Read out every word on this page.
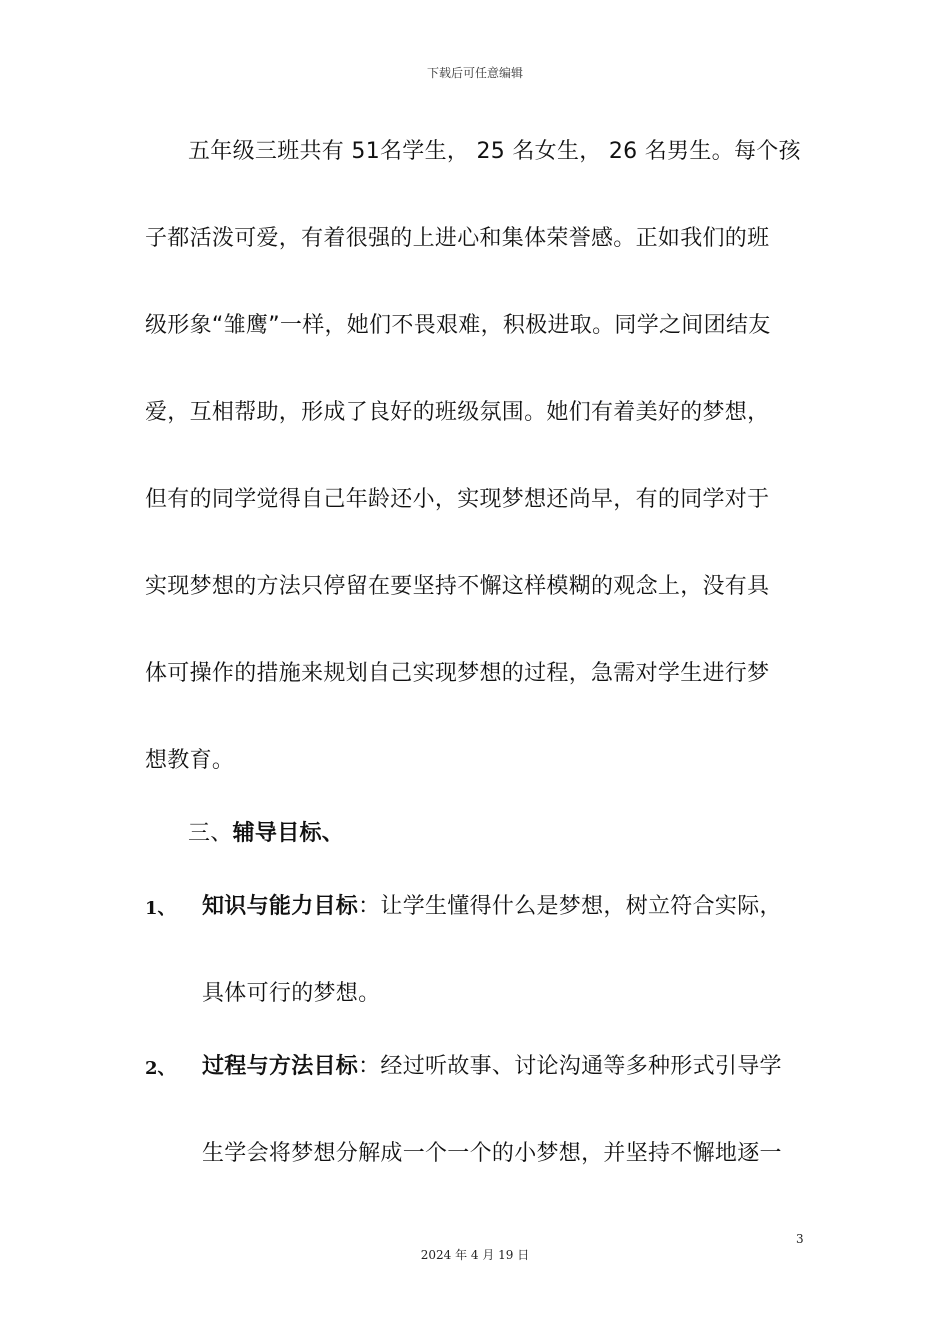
下载后可任意编辑
五年级三班共有 51名学生， 25 名女生， 26 名男生。每个孩
子都活泼可爱，有着很强的上进心和集体荣誉感。正如我们的班
级形象“雏鹰”一样，她们不畏艰难，积极进取。同学之间团结友
爱，互相帮助，形成了良好的班级氛围。她们有着美好的梦想，
但有的同学觉得自己年龄还小，实现梦想还尚早，有的同学对于
实现梦想的方法只停留在要坚持不懈这样模糊的观念上，没有具
体可操作的措施来规划自己实现梦想的过程，急需对学生进行梦
想教育。
三、辅导目标、
1、 知识与能力目标：让学生懂得什么是梦想，树立符合实际，
具体可行的梦想。
2、 过程与方法目标：经过听故事、讨论沟通等多种形式引导学
生学会将梦想分解成一个一个的小梦想，并坚持不懈地逐一
3
2024 年 4 月 19 日
